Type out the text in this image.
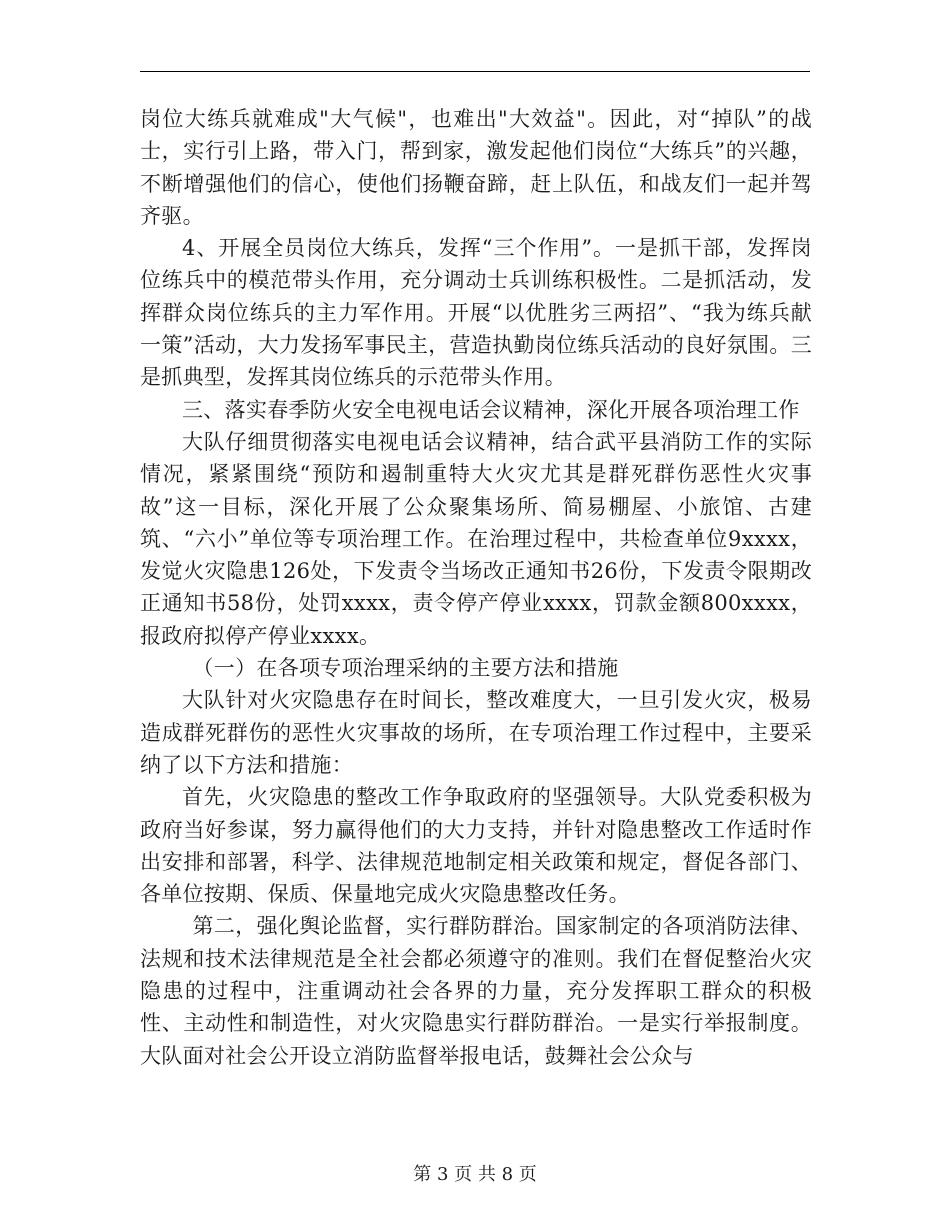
岗位大练兵就难成"大气候"，也难出"大效益"。因此，对“掉队”的战士，实行引上路，带入门，帮到家，激发起他们岗位“大练兵”的兴趣，不断增强他们的信心，使他们扬鞭奋蹄，赶上队伍，和战友们一起并驾齐驱。

4、开展全员岗位大练兵，发挥“三个作用”。一是抓干部，发挥岗位练兵中的模范带头作用，充分调动士兵训练积极性。二是抓活动，发挥群众岗位练兵的主力军作用。开展“以优胜劣三两招”、“我为练兵献一策”活动，大力发扬军事民主，营造执勤岗位练兵活动的良好氛围。三是抓典型，发挥其岗位练兵的示范带头作用。

三、落实春季防火安全电视电话会议精神，深化开展各项治理工作

大队仔细贯彻落实电视电话会议精神，结合武平县消防工作的实际情况，紧紧围绕“预防和遏制重特大火灾尤其是群死群伤恶性火灾事故”这一目标，深化开展了公众聚集场所、简易棚屋、小旅馆、古建筑、“六小”单位等专项治理工作。在治理过程中，共检查单位9xxxx，发觉火灾隐患126处，下发责令当场改正通知书26份，下发责令限期改正通知书58份，处罚xxxx，责令停产停业xxxx，罚款金额800xxxx，报政府拟停产停业xxxx。

（一）在各项专项治理采纳的主要方法和措施

大队针对火灾隐患存在时间长，整改难度大，一旦引发火灾，极易造成群死群伤的恶性火灾事故的场所，在专项治理工作过程中，主要采纳了以下方法和措施：

首先，火灾隐患的整改工作争取政府的坚强领导。大队党委积极为政府当好参谋，努力赢得他们的大力支持，并针对隐患整改工作适时作出安排和部署，科学、法律规范地制定相关政策和规定，督促各部门、各单位按期、保质、保量地完成火灾隐患整改任务。

第二，强化舆论监督，实行群防群治。国家制定的各项消防法律、法规和技术法律规范是全社会都必须遵守的准则。我们在督促整治火灾隐患的过程中，注重调动社会各界的力量，充分发挥职工群众的积极性、主动性和制造性，对火灾隐患实行群防群治。一是实行举报制度。大队面对社会公开设立消防监督举报电话，鼓舞社会公众与

第 3 页 共 8 页
